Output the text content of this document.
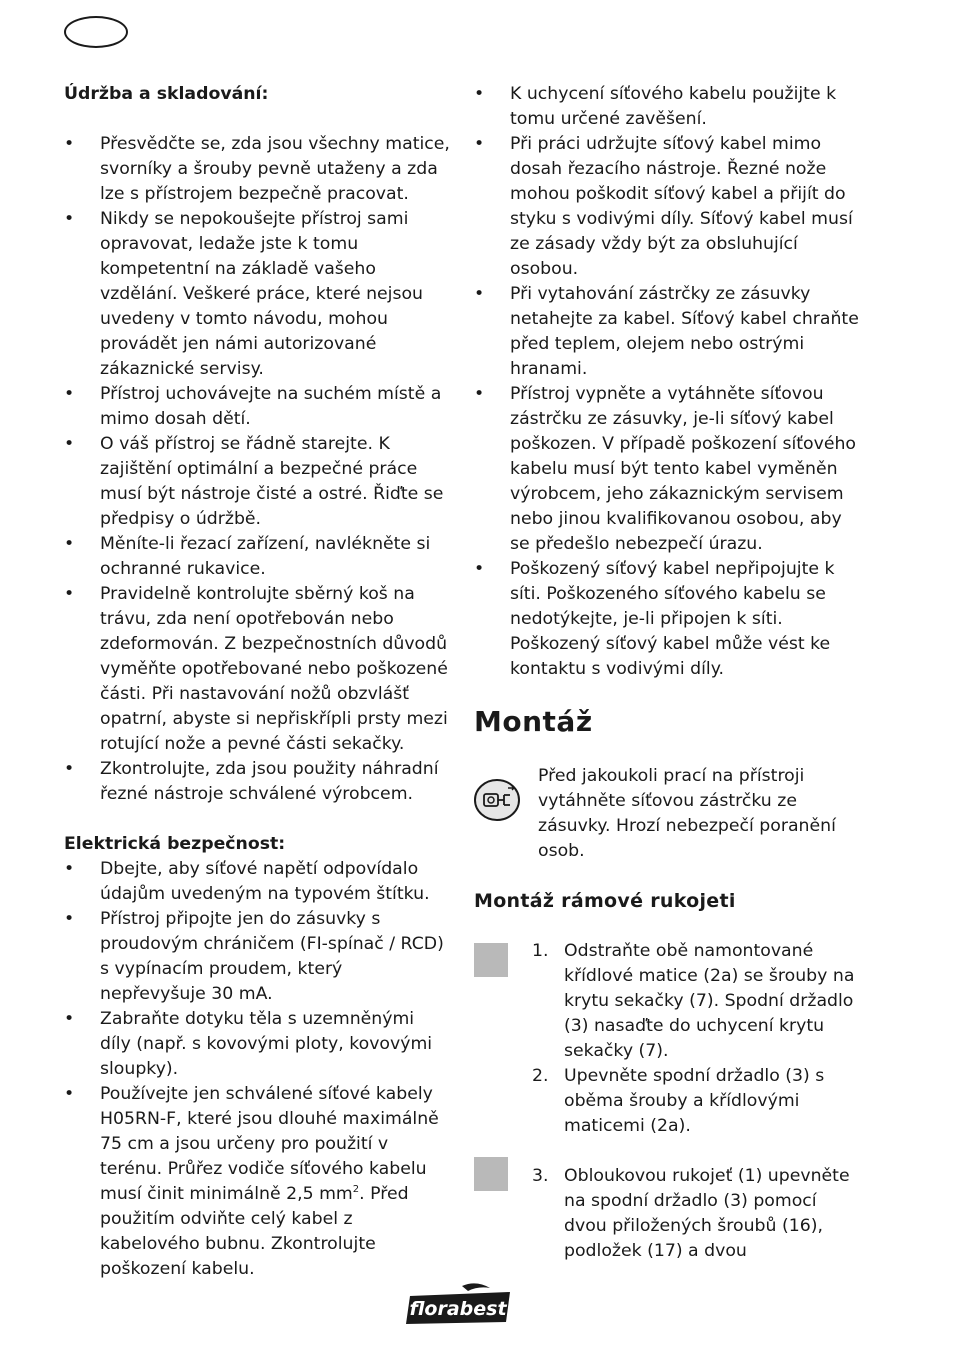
Údržba a skladování:

•	Přesvědčte se, zda jsou všechny matice, svorníky a šrouby pevně utaženy a zda lze s přístrojem bezpečně pracovat.
•	Nikdy se nepokoušejte přístroj sami opravovat, ledaže jste k tomu kompetentní na základě vašeho vzdělání. Veškeré práce, které nejsou uvedeny v tomto návodu, mohou provádět jen námi autorizované zákaznické servisy.
•	Přístroj uchovávejte na suchém místě a mimo dosah dětí.
•	O váš přístroj se řádně starejte. K zajištění optimální a bezpečné práce musí být nástroje čisté a ostré. Řiďte se předpisy o údržbě.
•	Měníte-li řezací zařízení, navlékněte si ochranné rukavice.
•	Pravidelně kontrolujte sběrný koš na trávu, zda není opotřebován nebo zdeformován. Z bezpečnostních důvodů vyměňte opotřebované nebo poškozené části. Při nastavování nožů obzvlášť opatrní, abyste si nepřiskřípli prsty mezi rotující nože a pevné části sekačky.
•	Zkontrolujte, zda jsou použity náhradní řezné nástroje schválené výrobcem.

Elektrická bezpečnost:

•	Dbejte, aby síťové napětí odpovídalo údajům uvedeným na typovém štítku.
•	Přístroj připojte jen do zásuvky s proudovým chráničem (FI-spínač / RCD) s vypínacím proudem, který nepřevyšuje 30 mA.
•	Zabraňte dotyku těla s uzemněnými díly (např. s kovovými ploty, kovovými sloupky).
•	Používejte jen schválené síťové kabely H05RN-F, které jsou dlouhé maximálně 75 cm a jsou určeny pro použití v terénu. Průřez vodiče síťového kabelu musí činit minimálně 2,5 $mm^2$. Před použitím odviňte celý kabel z kabelového bubnu. Zkontrolujte poškození kabelu.
•	K uchycení síťového kabelu použijte k tomu určené zavěšení.
•	Při práci udržujte síťový kabel mimo dosah řezacího nástroje. Řezné nože mohou poškodit síťový kabel a přijít do styku s vodivými díly. Síťový kabel musí ze zásady vždy být za obsluhující osobou.
•	Při vytahování zástrčky ze zásuvky netahejte za kabel. Síťový kabel chraňte před teplem, olejem nebo ostrými hranami.
•	Přístroj vypněte a vytáhněte síťovou zástrčku ze zásuvky, je-li síťový kabel poškozen. V případě poškození síťového kabelu musí být tento kabel vyměněn výrobcem, jeho zákaznickým servisem nebo jinou kvalifikovanou osobou, aby se předešlo nebezpečí úrazu.
•	Poškozený síťový kabel nepřipojujte k síti. Poškozeného síťového kabelu se nedotýkejte, je-li připojen k síti. Poškozený síťový kabel může vést ke kontaktu s vodivými díly.

Montáž

Před jakoukoli prací na přístroji vytáhněte síťovou zástrčku ze zásuvky. Hrozí nebezpečí poranění osob.

Montáž rámové rukojeti

1. Odstraňte obě namontované křídlové matice (2a) se šrouby na krytu sekačky (7). Spodní držadlo (3) nasaďte do uchycení krytu sekačky (7).
2. Upevněte spodní držadlo (3) s oběma šrouby a křídlovými maticemi (2a).
3. Obloukovou rukojeť (1) upevněte na spodní držadlo (3) pomocí dvou přiložených šroubů (16), podložek (17) a dvou
florabest
